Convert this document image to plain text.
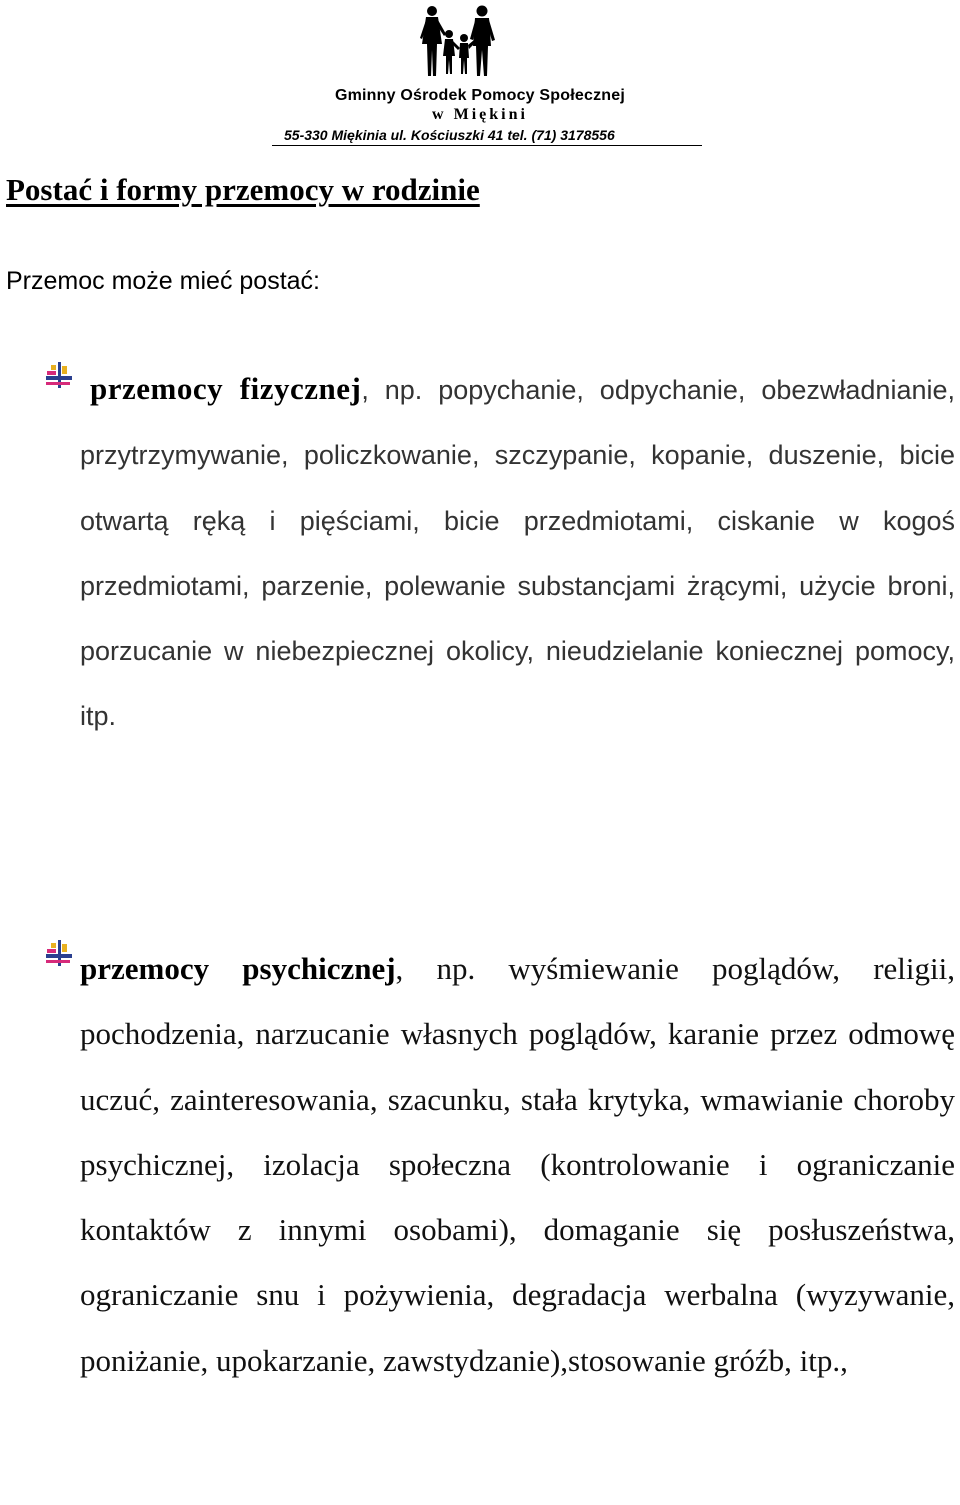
Gminny Ośrodek Pomocy Społecznej
w Miękini
55-330 Miękinia ul. Kościuszki 41 tel. (71) 3178556
Postać i formy przemocy w rodzinie

Przemoc może mieć postać:

przemocy fizycznej, np. popychanie, odpychanie, obezwładnianie, przytrzymywanie, policzkowanie, szczypanie, kopanie, duszenie, bicie otwartą ręką i pięściami, bicie przedmiotami, ciskanie w kogoś przedmiotami, parzenie, polewanie substancjami żrącymi, użycie broni, porzucanie w niebezpiecznej okolicy, nieudzielanie koniecznej pomocy, itp.

przemocy psychicznej, np. wyśmiewanie poglądów, religii, pochodzenia, narzucanie własnych poglądów, karanie przez odmowę uczuć, zainteresowania, szacunku, stała krytyka, wmawianie choroby psychicznej, izolacja społeczna (kontrolowanie i ograniczanie kontaktów z innymi osobami), domaganie się posłuszeństwa, ograniczanie snu i pożywienia, degradacja werbalna (wyzywanie, poniżanie, upokarzanie, zawstydzanie),stosowanie gróźb, itp.,
